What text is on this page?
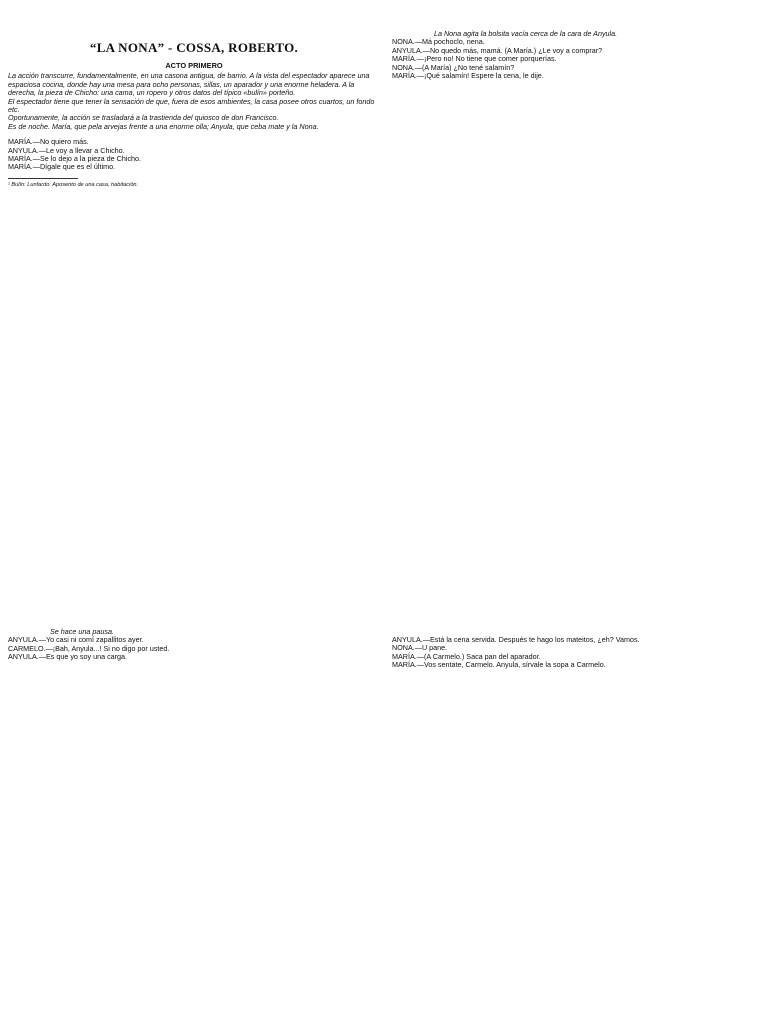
“LA NONA” - COSSA, ROBERTO.

ACTO PRIMERO

La acción transcurre, fundamentalmente, en una casona antigua, de barrio. A la vista del espectador aparece una espaciosa cocina, donde hay una mesa para ocho personas, sillas, un aparador y una enorme heladera. A la derecha, la pieza de Chicho: una cama, un ropero y otros datos del típico «bulín» porteño.

El espectador tiene que tener la sensación de que, fuera de esos ambientes, la casa posee otros cuartos, un fondo etc.

Oportunamente, la acción se trasladará a la trastienda del quiosco de don Francisco.

Es de noche. María, que pela arvejas frente a una enorme olla; Anyula, que ceba mate y la Nona.

MARÍA.—No quiero más.

ANYULA.—Le voy a llevar a Chicho.

MARÍA.—Se lo dejo a la pieza de Chicho.

MARÍA.—Dígale que es el último.

¹ Bulín: Lunfardo. Aposento de una casa, habitación.

La Nona agita la bolsita vacía cerca de la cara de Anyula.

NONA.—Má pochoclo, nena.

ANYULA.—No quedo más, mamá. (A María.) ¿Le voy a comprar?

MARÍA.—¡Pero no! No tiene que comer porquerías.

NONA.—(A María) ¿No tené salamín?

MARÍA.—¡Qué salamín! Espere la cena, le dije.

Se hace una pausa.

ANYULA.—Yo casi ni comí zapallitos ayer.

CARMELO.—¡Bah, Anyula...! Si no digo por usted.

ANYULA.—Es que yo soy una carga.

ANYULA.—Está la cena servida. Después te hago los mateitos, ¿eh? Vamos.

NONA.—U pane.

MARÍA.—(A Carmelo.) Saca pan del aparador.

MARÍA.—Vos sentate, Carmelo. Anyula, sírvale la sopa a Carmelo.
